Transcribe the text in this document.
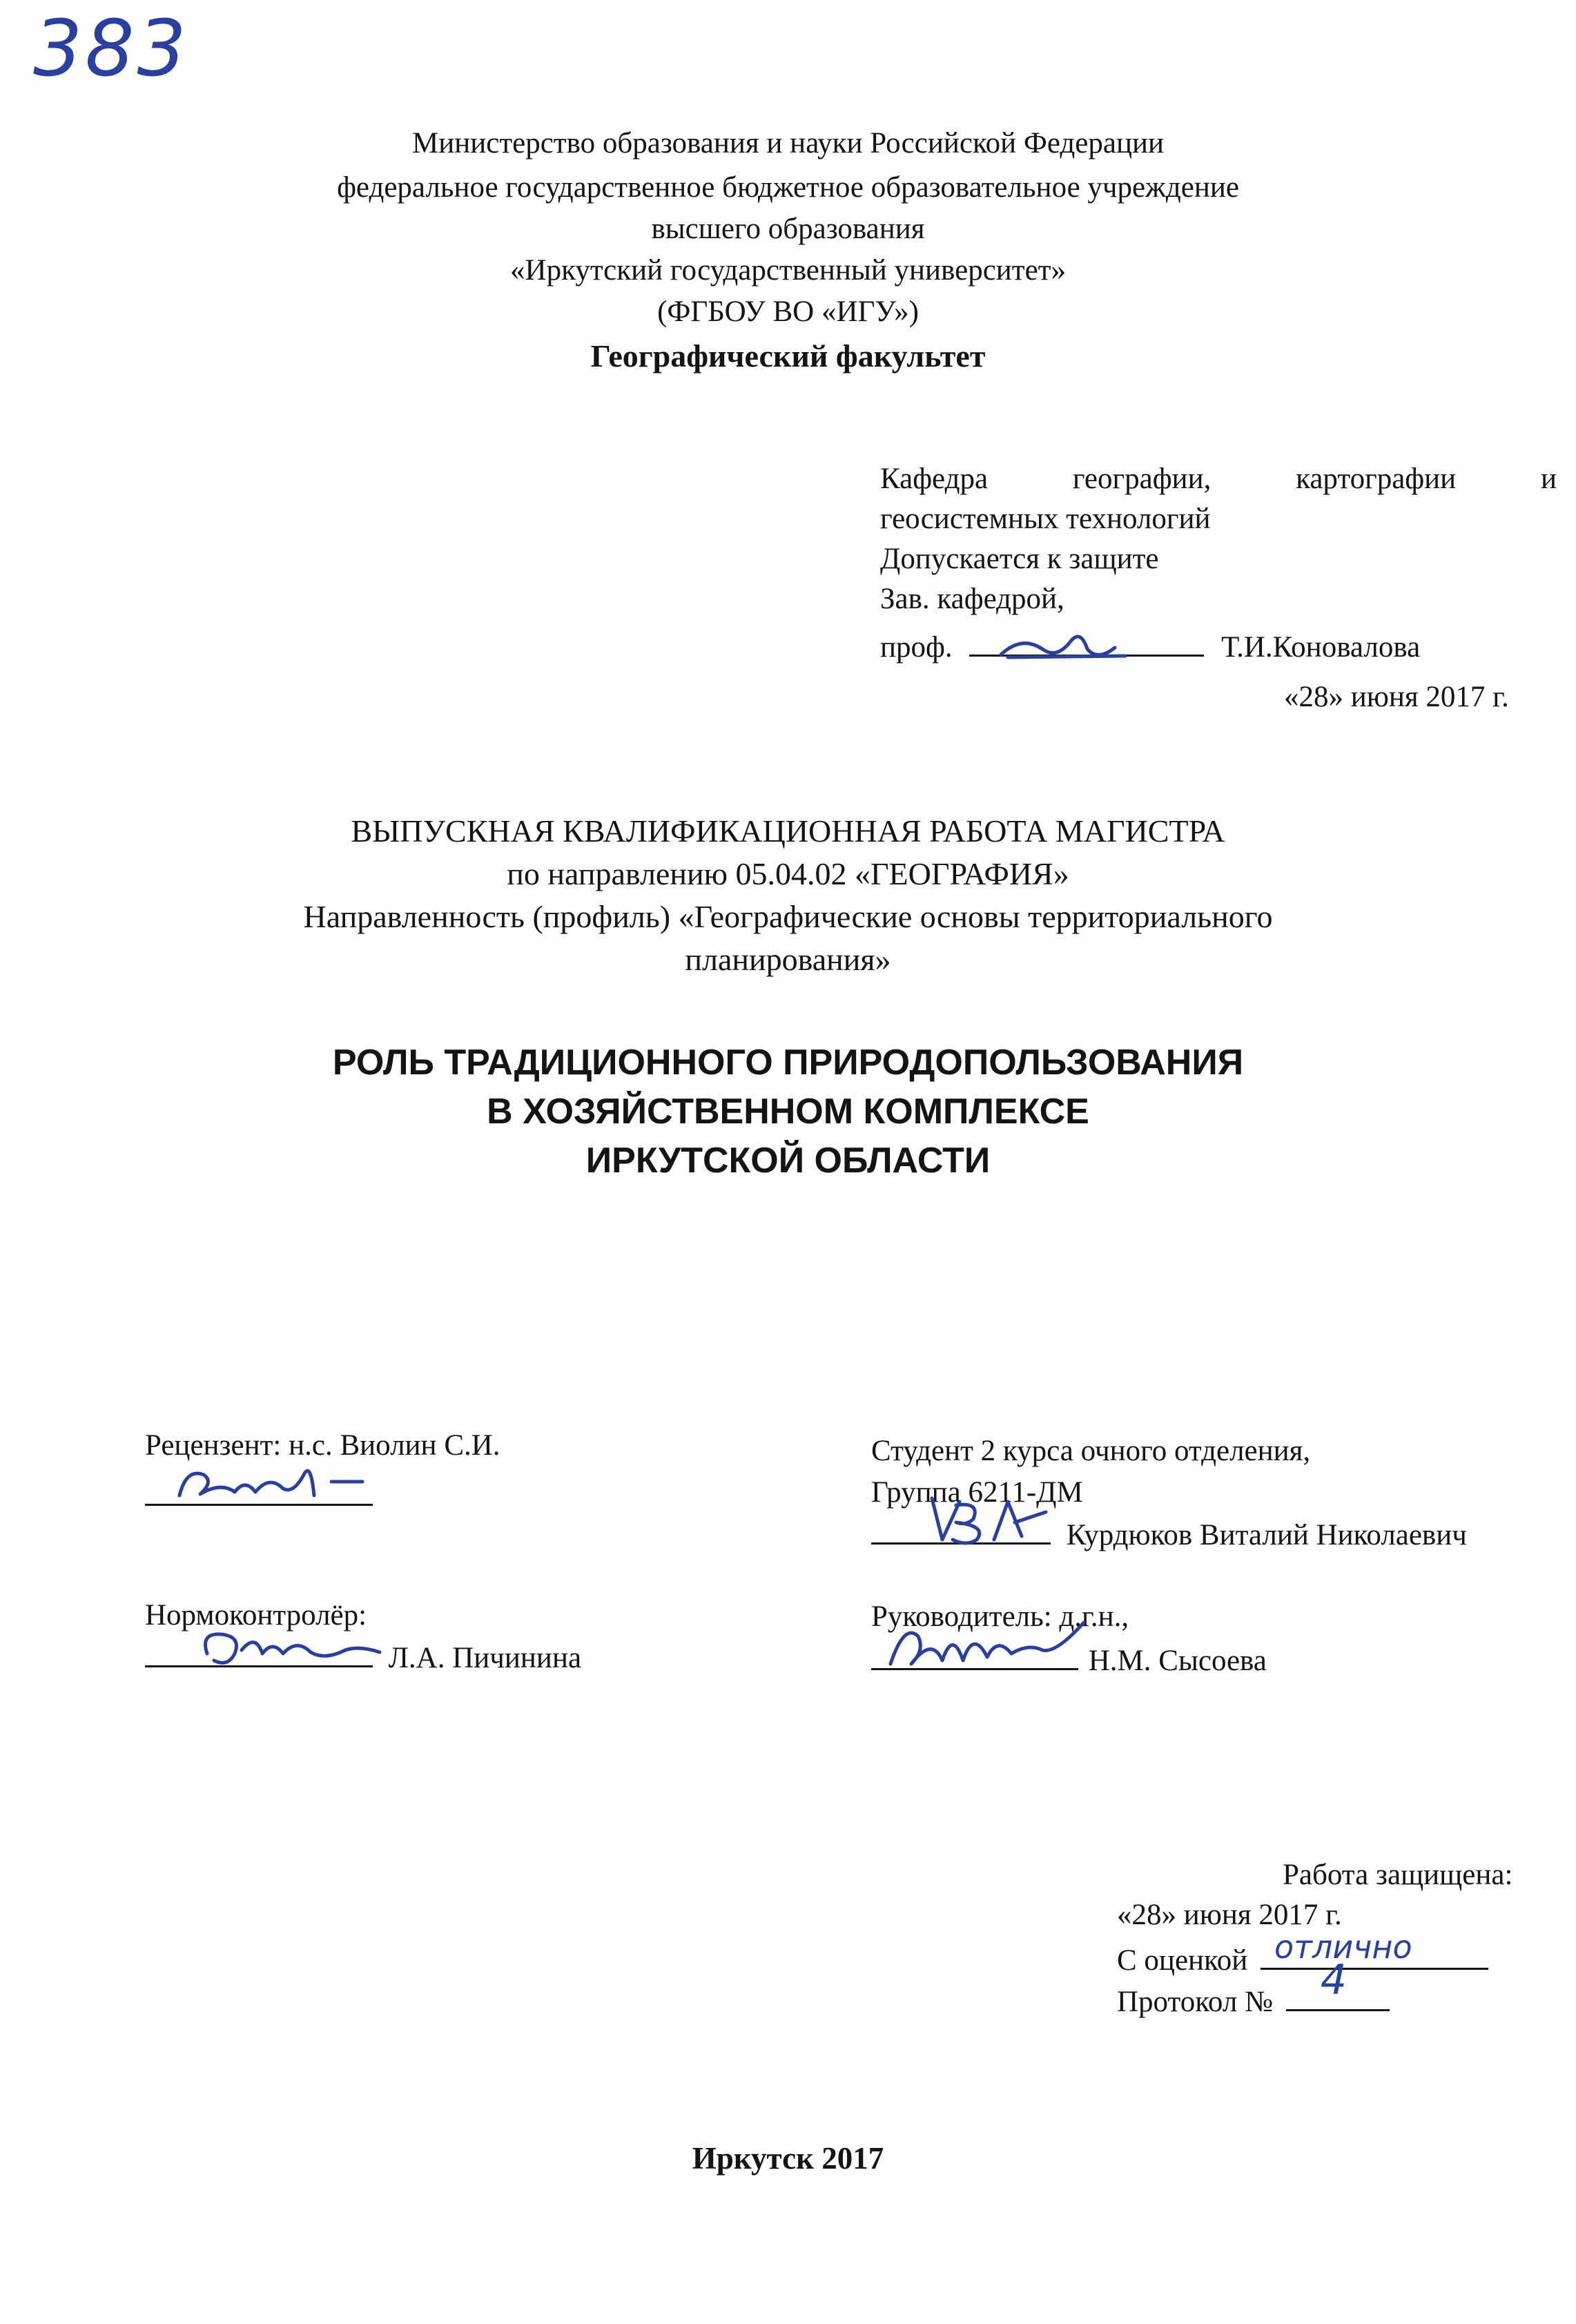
383
Министерство образования и науки Российской Федерации
федеральное государственное бюджетное образовательное учреждение
высшего образования
«Иркутский государственный университет»
(ФГБОУ ВО «ИГУ»)
Географический факультет
Кафедра	географии,	картографии	и
геосистемных технологий
Допускается к защите
Зав. кафедрой,
проф.	Т.И.Коновалова
«28» июня 2017 г.
ВЫПУСКНАЯ КВАЛИФИКАЦИОННАЯ РАБОТА МАГИСТРА
по направлению 05.04.02 «ГЕОГРАФИЯ»
Направленность (профиль) «Географические основы территориального
планирования»
РОЛЬ ТРАДИЦИОННОГО ПРИРОДОПОЛЬЗОВАНИЯ
В ХОЗЯЙСТВЕННОМ КОМПЛЕКСЕ
ИРКУТСКОЙ ОБЛАСТИ
Рецензент: н.с. Виолин С.И.
Нормоконтролёр:
Л.А. Пичинина
Студент 2 курса очного отделения,
Группа 6211-ДМ
Курдюков Виталий Николаевич
Руководитель: д.г.н.,
Н.М. Сысоева
Работа защищена:
«28» июня 2017 г.
С оценкой отлично
Протокол № 4
Иркутск 2017
